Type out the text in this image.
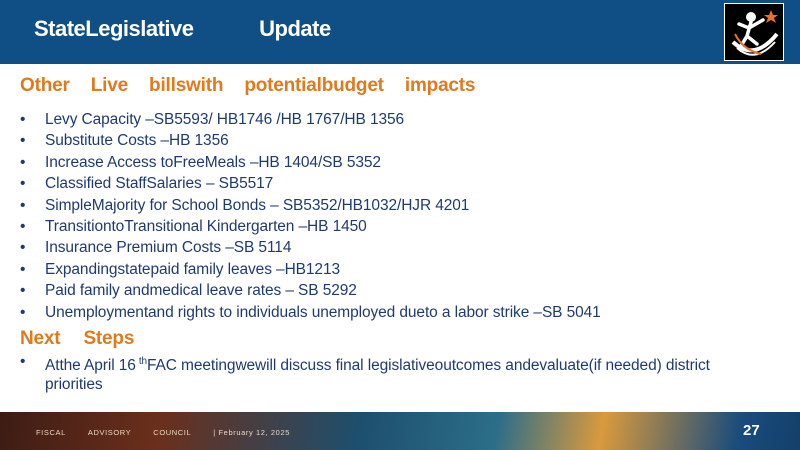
StateLegislative Update
Other Live billswith potentialbudget impacts
• Levy Capacity –SB5593/ HB1746 /HB 1767/HB 1356
• Substitute Costs –HB 1356
• Increase Access toFreeMeals –HB 1404/SB 5352
• Classified StaffSalaries – SB5517
• SimpleMajority for School Bonds – SB5352/HB1032/HJR 4201
• TransitiontoTransitional Kindergarten –HB 1450
• Insurance Premium Costs –SB 5114
• Expandingstatepaid family leaves –HB1213
• Paid family andmedical leave rates – SB 5292
• Unemploymentand rights to individuals unemployed dueto a labor strike –SB 5041
Next Steps
• Atthe April 16 $^{th}$FAC meetingwewill discuss final legislativeoutcomes andevaluate(if needed) district priorities
FISCAL	ADVISORY	COUNCIL	| February 12, 2025	27
